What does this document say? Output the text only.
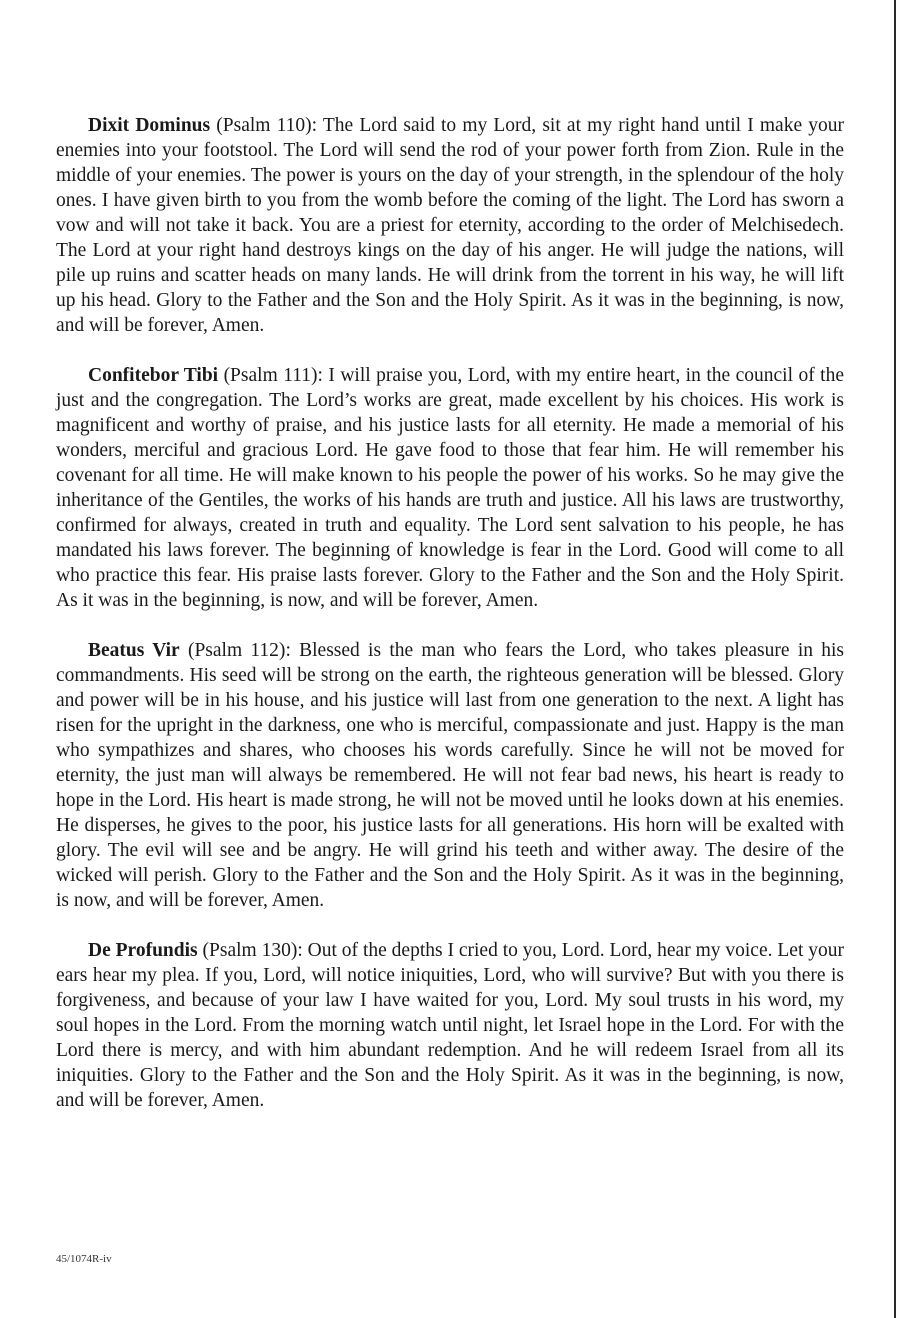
Dixit Dominus (Psalm 110): The Lord said to my Lord, sit at my right hand until I make your enemies into your footstool. The Lord will send the rod of your power forth from Zion. Rule in the middle of your enemies. The power is yours on the day of your strength, in the splendour of the holy ones. I have given birth to you from the womb before the coming of the light. The Lord has sworn a vow and will not take it back. You are a priest for eternity, according to the order of Melchisedech. The Lord at your right hand destroys kings on the day of his anger. He will judge the nations, will pile up ruins and scatter heads on many lands. He will drink from the torrent in his way, he will lift up his head. Glory to the Father and the Son and the Holy Spirit. As it was in the beginning, is now, and will be forever, Amen.

Confitebor Tibi (Psalm 111): I will praise you, Lord, with my entire heart, in the council of the just and the congregation. The Lord’s works are great, made excellent by his choices. His work is magnificent and worthy of praise, and his justice lasts for all eternity. He made a memorial of his wonders, merciful and gracious Lord. He gave food to those that fear him. He will remember his covenant for all time. He will make known to his people the power of his works. So he may give the inheritance of the Gentiles, the works of his hands are truth and justice. All his laws are trustworthy, confirmed for always, created in truth and equality. The Lord sent salvation to his people, he has mandated his laws forever. The beginning of knowledge is fear in the Lord. Good will come to all who practice this fear. His praise lasts forever. Glory to the Father and the Son and the Holy Spirit. As it was in the beginning, is now, and will be forever, Amen.

Beatus Vir (Psalm 112): Blessed is the man who fears the Lord, who takes pleasure in his commandments. His seed will be strong on the earth, the righteous generation will be blessed. Glory and power will be in his house, and his justice will last from one generation to the next. A light has risen for the upright in the darkness, one who is merciful, compassionate and just. Happy is the man who sympathizes and shares, who chooses his words carefully. Since he will not be moved for eternity, the just man will always be remembered. He will not fear bad news, his heart is ready to hope in the Lord. His heart is made strong, he will not be moved until he looks down at his enemies. He disperses, he gives to the poor, his justice lasts for all generations. His horn will be exalted with glory. The evil will see and be angry. He will grind his teeth and wither away. The desire of the wicked will perish. Glory to the Father and the Son and the Holy Spirit. As it was in the beginning, is now, and will be forever, Amen.

De Profundis (Psalm 130): Out of the depths I cried to you, Lord. Lord, hear my voice. Let your ears hear my plea. If you, Lord, will notice iniquities, Lord, who will survive? But with you there is forgiveness, and because of your law I have waited for you, Lord. My soul trusts in his word, my soul hopes in the Lord. From the morning watch until night, let Israel hope in the Lord. For with the Lord there is mercy, and with him abundant redemption. And he will redeem Israel from all its iniquities. Glory to the Father and the Son and the Holy Spirit. As it was in the beginning, is now, and will be forever, Amen.

45/1074R-iv
